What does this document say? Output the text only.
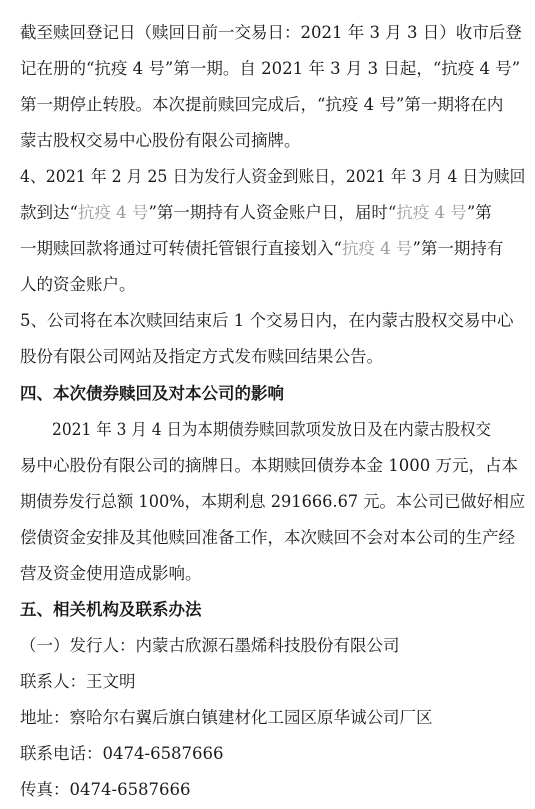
截至赎回登记日（赎回日前一交易日：2021 年 3 月 3 日）收市后登
记在册的“抗疫 4 号”第一期。自 2021 年 3 月 3 日起，“抗疫 4 号”
第一期停止转股。本次提前赎回完成后，“抗疫 4 号”第一期将在内
蒙古股权交易中心股份有限公司摘牌。
4、2021 年 2 月 25 日为发行人资金到账日，2021 年 3 月 4 日为赎回
款到达“抗疫 4 号”第一期持有人资金账户日，届时“抗疫 4 号”第
一期赎回款将通过可转债托管银行直接划入“抗疫 4 号”第一期持有
人的资金账户。
5、公司将在本次赎回结束后 1 个交易日内，在内蒙古股权交易中心
股份有限公司网站及指定方式发布赎回结果公告。
四、本次债券赎回及对本公司的影响
2021 年 3 月 4 日为本期债券赎回款项发放日及在内蒙古股权交
易中心股份有限公司的摘牌日。本期赎回债券本金 1000 万元，占本
期债券发行总额 100%，本期利息 291666.67 元。本公司已做好相应
偿债资金安排及其他赎回准备工作，本次赎回不会对本公司的生产经
营及资金使用造成影响。
五、相关机构及联系办法
（一）发行人：内蒙古欣源石墨烯科技股份有限公司
联系人：王文明
地址：察哈尔右翼后旗白镇建材化工园区原华诚公司厂区
联系电话：0474-6587666
传真：0474-6587666
